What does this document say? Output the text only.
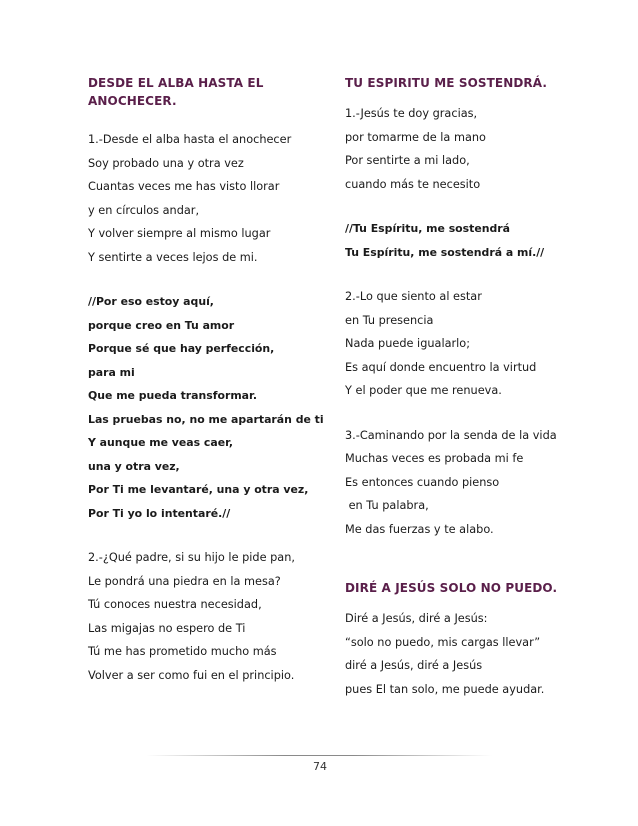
DESDE EL ALBA HASTA EL ANOCHECER.
1.-Desde el alba hasta el anochecer
Soy probado una y otra vez
Cuantas veces me has visto llorar
y en círculos andar,
Y volver siempre al mismo lugar
Y sentirte a veces lejos de mi.
//Por eso estoy aquí,
porque creo en Tu amor
Porque sé que hay perfección,
para mi
Que me pueda transformar.
Las pruebas no, no me apartarán de ti
Y aunque me veas caer,
una y otra vez,
Por Ti me levantaré, una y otra vez,
Por Ti yo lo intentaré.//
2.-¿Qué padre, si su hijo le pide pan,
Le pondrá una piedra en la mesa?
Tú conoces nuestra necesidad,
Las migajas no espero de Ti
Tú me has prometido mucho más
Volver a ser como fui en el principio.
TU ESPIRITU ME SOSTENDRÁ.
1.-Jesús te doy gracias,
por tomarme de la mano
Por sentirte a mi lado,
cuando más te necesito
//Tu Espíritu, me sostendrá
Tu Espíritu, me sostendrá a mí.//
2.-Lo que siento al estar
en Tu presencia
Nada puede igualarlo;
Es aquí donde encuentro la virtud
Y el poder que me renueva.
3.-Caminando por la senda de la vida
Muchas veces es probada mi fe
Es entonces cuando pienso
en Tu palabra,
Me das fuerzas y te alabo.
DIRÉ A JESÚS SOLO NO PUEDO.
Diré a Jesús, diré a Jesús:
“solo no puedo, mis cargas llevar”
diré a Jesús, diré a Jesús
pues El tan solo, me puede ayudar.
74
